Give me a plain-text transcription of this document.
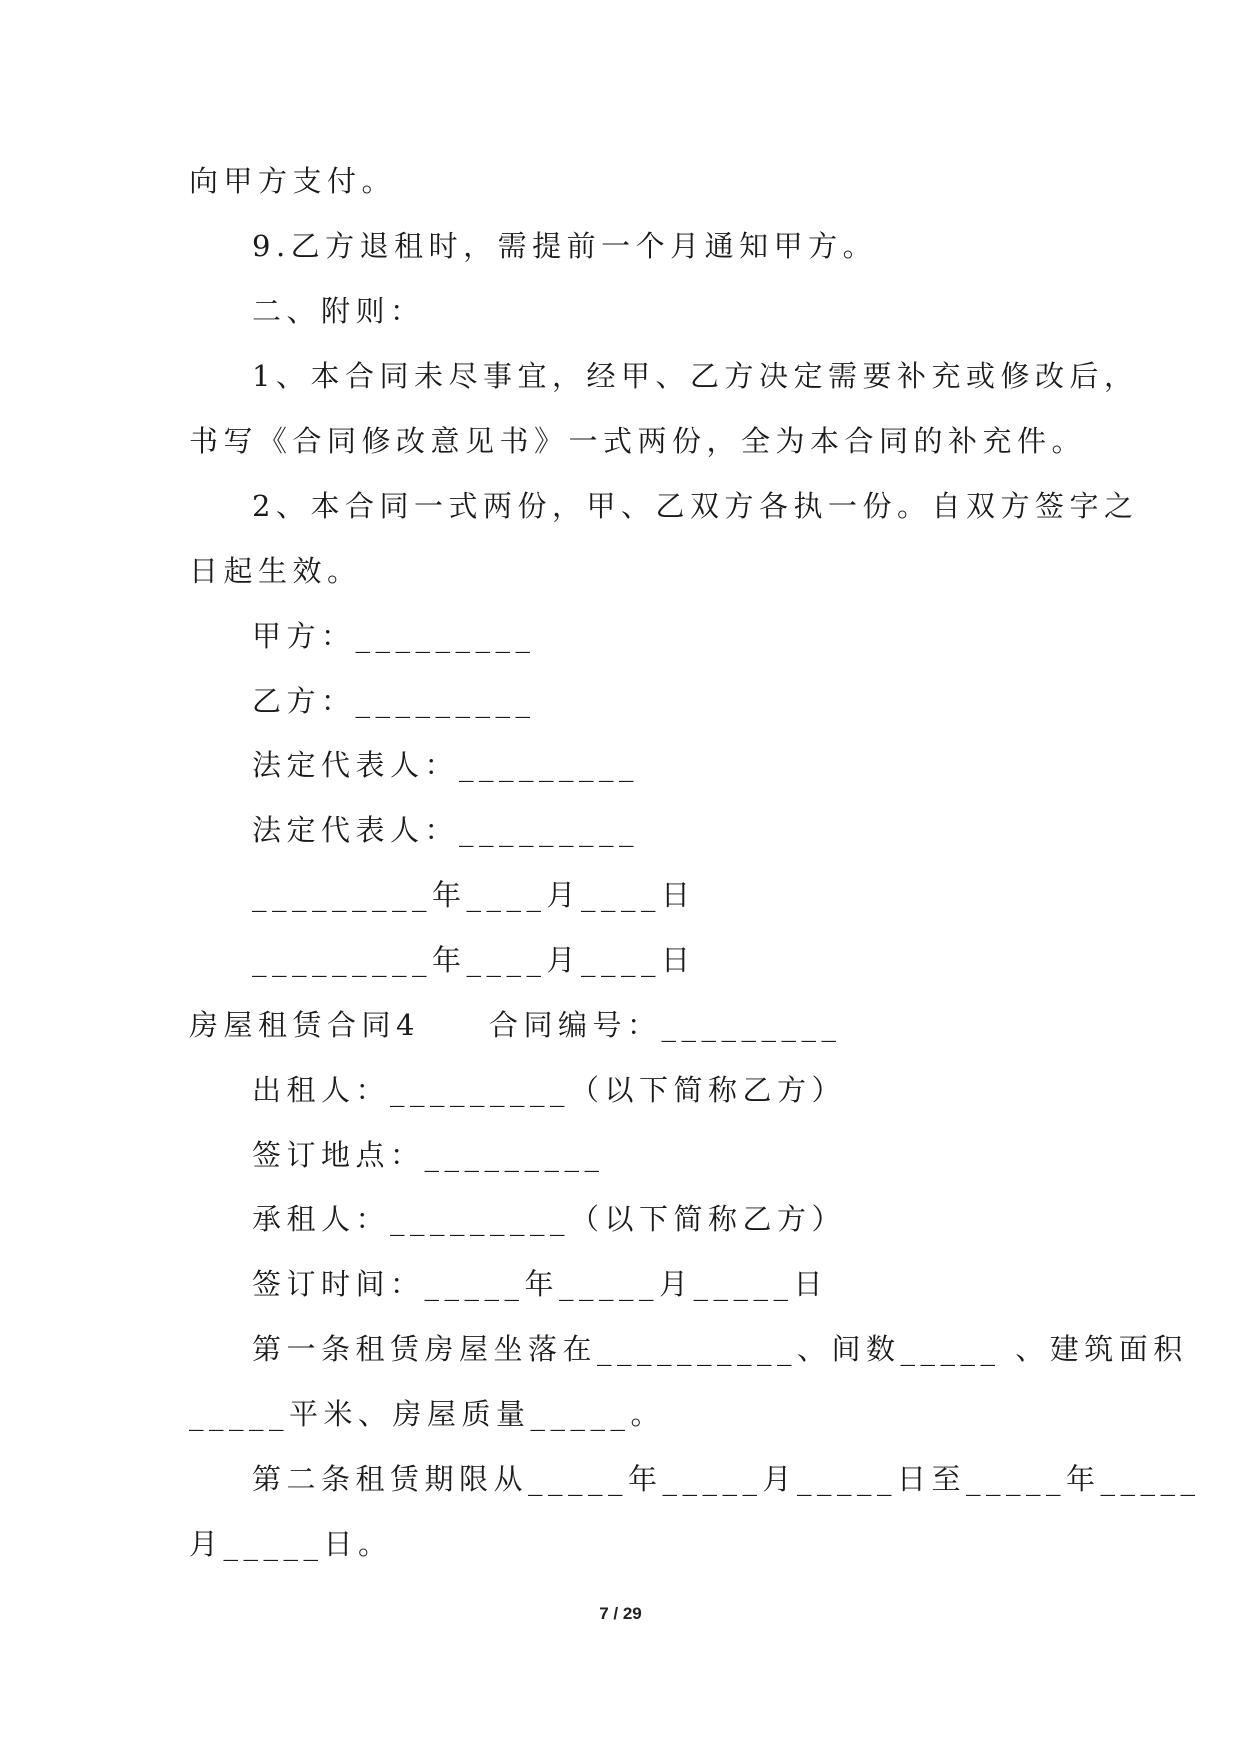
向甲方支付。
9.乙方退租时，需提前一个月通知甲方。
二、附则：
1、本合同未尽事宜，经甲、乙方决定需要补充或修改后，
书写《合同修改意见书》一式两份，全为本合同的补充件。
2、本合同一式两份，甲、乙双方各执一份。自双方签字之
日起生效。
甲方：_________
乙方：_________
法定代表人：_________
法定代表人：_________
_________年____月____日
_________年____月____日
房屋租赁合同4　　合同编号：_________
出租人：_________（以下简称乙方）
签订地点：_________
承租人：_________（以下简称乙方）
签订时间：_____年_____月_____日
第一条租赁房屋坐落在__________、间数_____ 、建筑面积
_____平米、房屋质量_____。
第二条租赁期限从_____年_____月_____日至_____年_____
月_____日。
7 / 29
